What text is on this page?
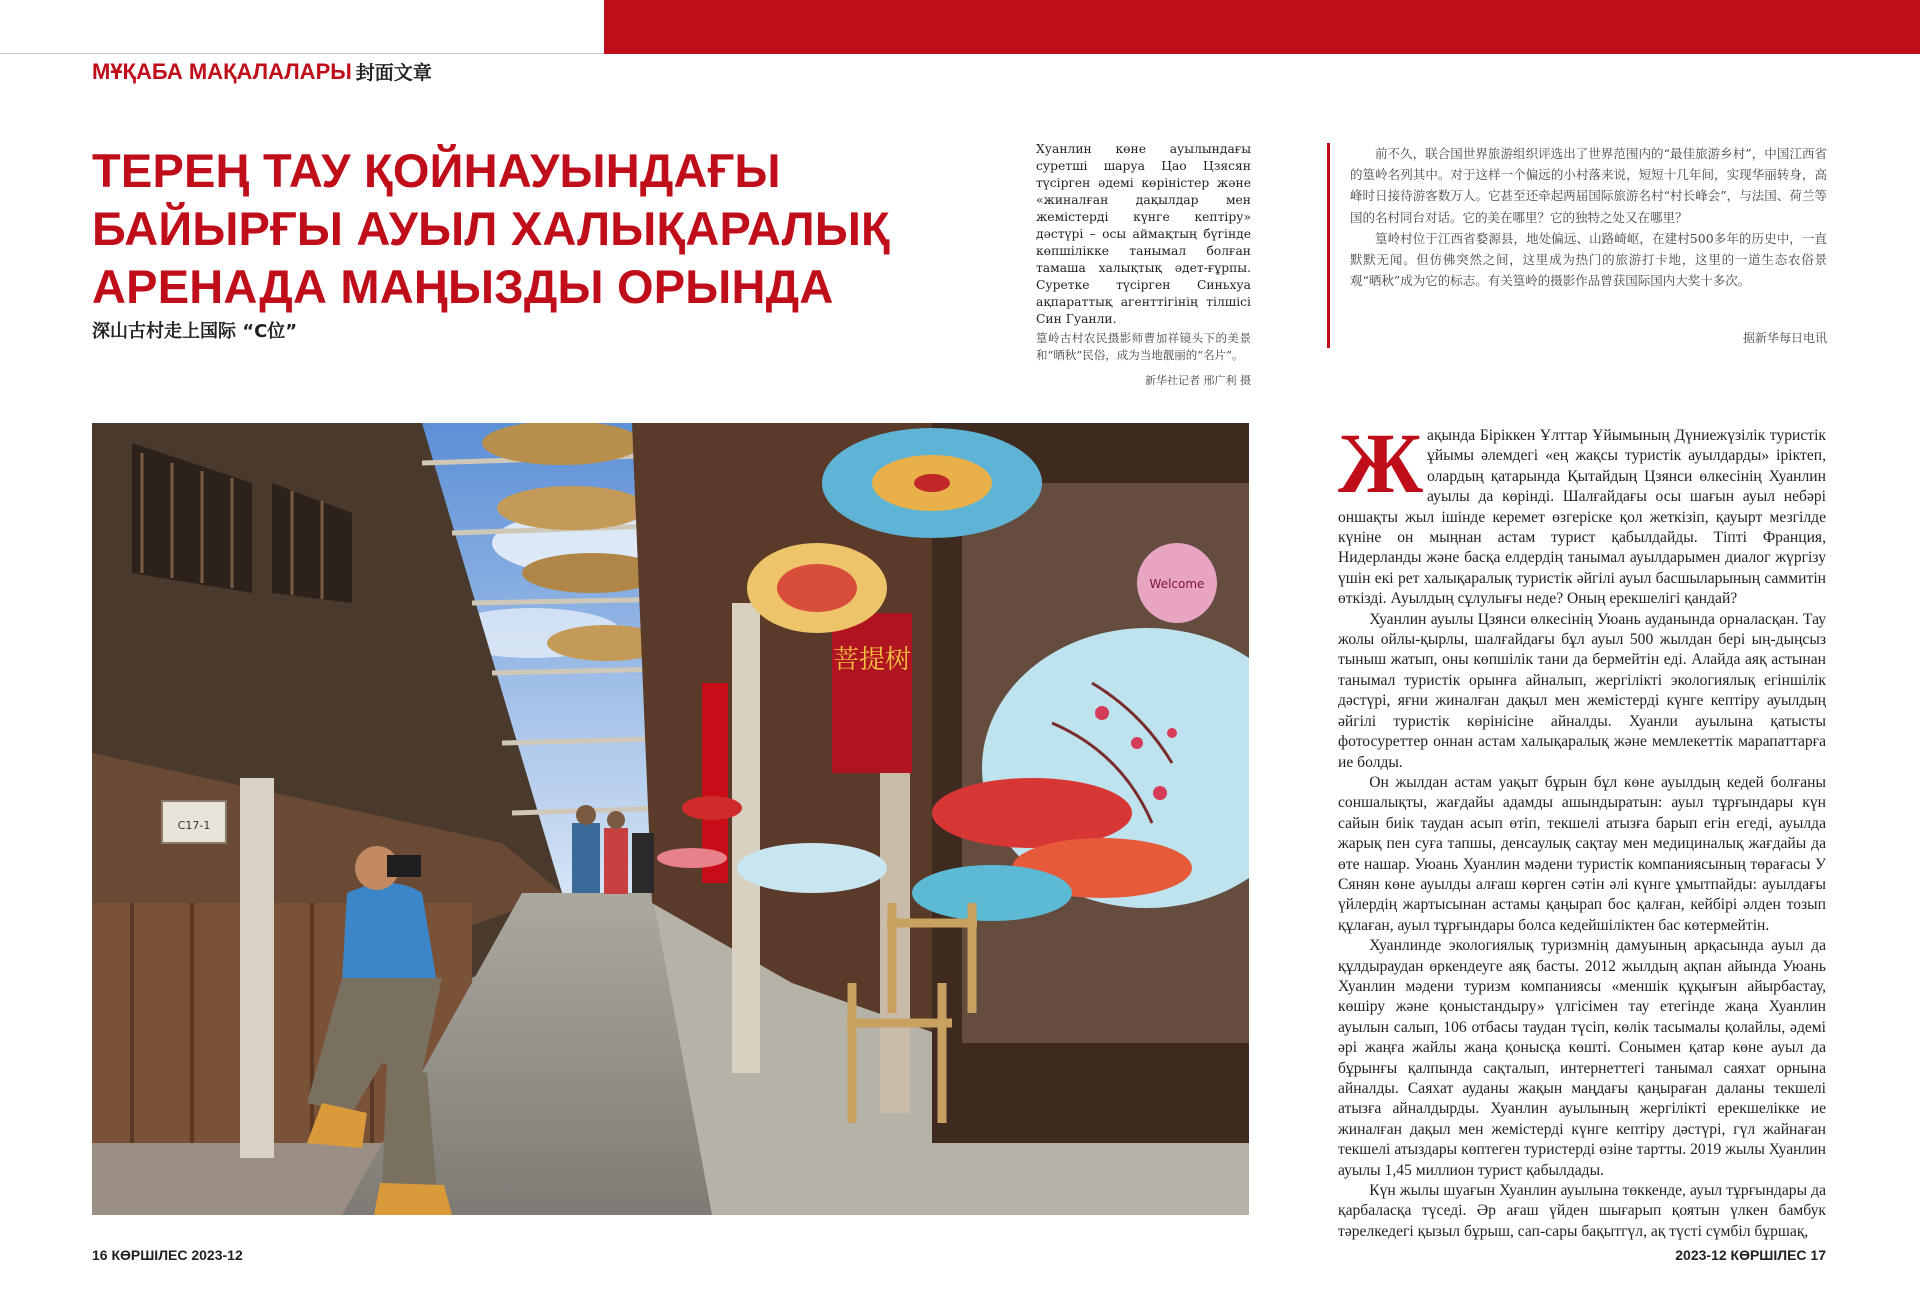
МҰҚАБА МАҚАЛАЛАРЫ 封面文章
ТЕРЕҢ ТАУ ҚОЙНАУЫНДАҒЫ
БАЙЫРҒЫ АУЫЛ ХАЛЫҚАРАЛЫҚ
АРЕНАДА МАҢЫЗДЫ ОРЫНДА
深山古村走上国际 “C位”
Хуанлин көне ауылындағы суретші шаруа Цао Цзясян түсірген әдемі көріністер және «жиналған дақылдар мен жемістерді күнге кептіру» дәстүрі – осы аймақтың бүгінде көпшілікке танымал болған тамаша халықтық әдет-ғұрпы. Суретке түсірген Синьхуа ақпараттық агенттігінің тілшісі Син Гуанли.
篁岭古村农民摄影师曹加祥镜头下的美景和“晒秋”民俗，成为当地靓丽的“名片”。
新华社记者 邢广利 摄

前不久，联合国世界旅游组织评选出了世界范围内的“最佳旅游乡村”，中国江西省的篁岭名列其中。对于这样一个偏远的小村落来说，短短十几年间，实现华丽转身，高峰时日接待游客数万人。它甚至还牵起两届国际旅游名村“村长峰会”，与法国、荷兰等国的名村同台对话。它的美在哪里？它的独特之处又在哪里？

篁岭村位于江西省婺源县，地处偏远、山路崎岖，在建村500多年的历史中，一直默默无闻。但仿佛突然之间，这里成为热门的旅游打卡地，这里的一道生态农俗景观“晒秋”成为它的标志。有关篁岭的摄影作品曾获国际国内大奖十多次。

据新华每日电讯
C17-1
菩提树
Welcome

Жақында Біріккен Ұлттар Ұйымының Дүниежүзілік туристік ұйымы әлемдегі «ең жақсы туристік ауылдарды» іріктеп, олардың қатарында Қытайдың Цзянси өлкесінің Хуанлин ауылы да көрінді. Шалғайдағы осы шағын ауыл небәрі оншақты жыл ішінде керемет өзгеріске қол жеткізіп, қауырт мезгілде күніне он мыңнан астам турист қабылдайды. Тіпті Франция, Нидерланды және басқа елдердің танымал ауылдарымен диалог жүргізу үшін екі рет халықаралық туристік әйгілі ауыл басшыларының саммитін өткізді. Ауылдың сұлулығы неде? Оның ерекшелігі қандай?

Хуанлин ауылы Цзянси өлкесінің Уюань ауданында орналасқан. Тау жолы ойлы-қырлы, шалғайдағы бұл ауыл 500 жылдан бері ың-дыңсыз тыныш жатып, оны көпшілік тани да бермейтін еді. Алайда аяқ астынан танымал туристік орынға айналып, жергілікті экологиялық егіншілік дәстүрі, яғни жиналған дақыл мен жемістерді күнге кептіру ауылдың әйгілі туристік көрінісіне айналды. Хуанли ауылына қатысты фотосуреттер оннан астам халықаралық және мемлекеттік марапаттарға ие болды.

Он жылдан астам уақыт бұрын бұл көне ауылдың кедей болғаны соншалықты, жағдайы адамды ашындыратын: ауыл тұрғындары күн сайын биік таудан асып өтіп, текшелі атызға барып егін егеді, ауылда жарық пен суға тапшы, денсаулық сақтау мен медициналық жағдайы да өте нашар. Уюань Хуанлин мәдени туристік компаниясының төрағасы У Сянян көне ауылды алғаш көрген сәтін әлі күнге ұмытпайды: ауылдағы үйлердің жартысынан астамы қаңырап бос қалған, кейбірі әлден тозып құлаған, ауыл тұрғындары болса кедейшіліктен бас көтермейтін.

Хуанлинде экологиялық туризмнің дамуының арқасында ауыл да құлдыраудан өркендеуге аяқ басты. 2012 жылдың ақпан айында Уюань Хуанлин мәдени туризм компаниясы «меншік құқығын айырбастау, көшіру және қоныстандыру» үлгісімен тау етегінде жаңа Хуанлин ауылын салып, 106 отбасы таудан түсіп, көлік тасымалы қолайлы, әдемі әрі жаңға жайлы жаңа қонысқа көшті. Сонымен қатар көне ауыл да бұрынғы қалпында сақталып, интернеттегі танымал саяхат орнына айналды. Саяхат ауданы жақын маңдағы қаңыраған даланы текшелі атызға айналдырды. Хуанлин ауылының жергілікті ерекшелікке ие жиналған дақыл мен жемістерді күнге кептіру дәстүрі, гүл жайнаған текшелі атыздары көптеген туристерді өзіне тартты. 2019 жылы Хуанлин ауылы 1,45 миллион турист қабылдады.

Күн жылы шуағын Хуанлин ауылына төккенде, ауыл тұрғындары да қарбаласқа түседі. Әр ағаш үйден шығарып қоятын үлкен бамбук тәрелкедегі қызыл бұрыш, сап-сары бақытгүл, ақ түсті сүмбіл бұршақ,

16 КӨРШІЛЕС 2023-12	2023-12 КӨРШІЛЕС 17
